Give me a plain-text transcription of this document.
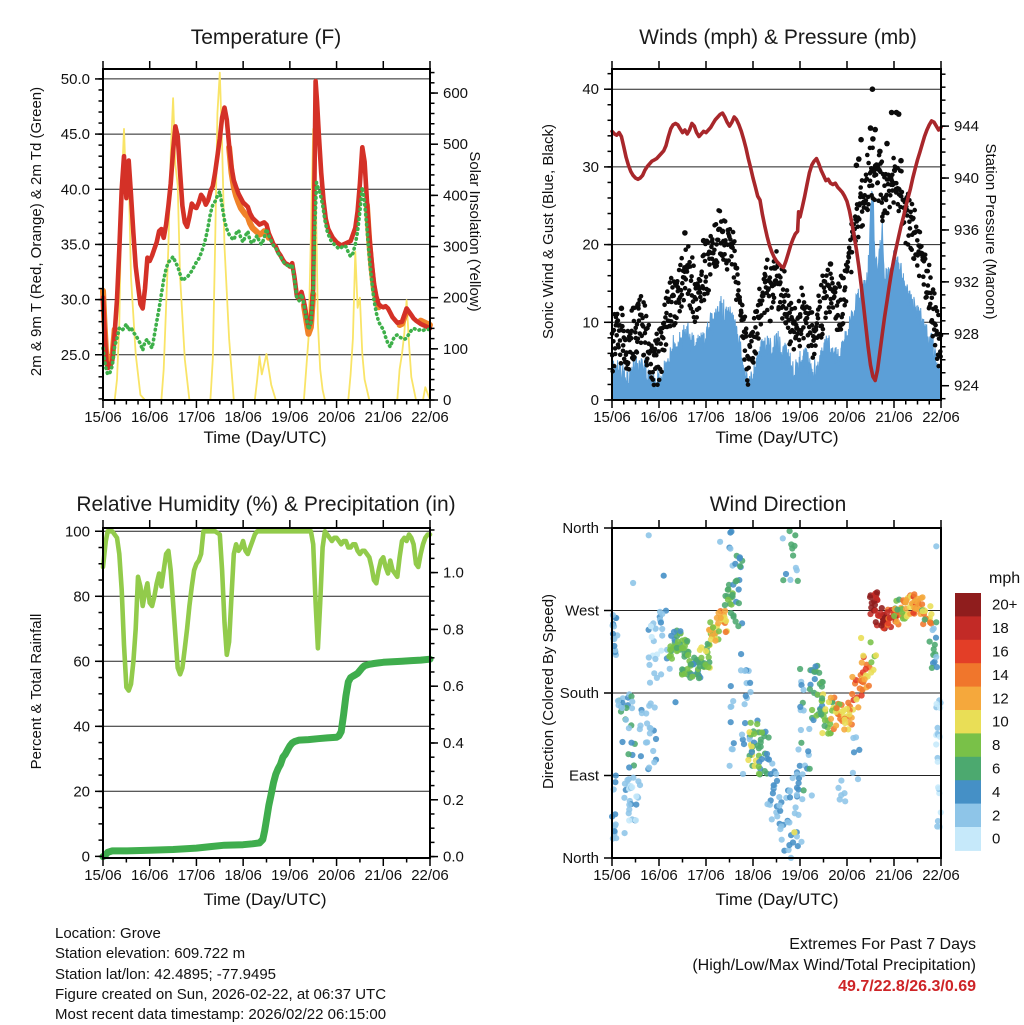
Temperature (F)
2m & 9m T (Red, Orange) & 2m Td (Green)	Solar Insolation (Yellow)
Time (Day/UTC)
15/06 16/06 17/06 18/06 19/06 20/06 21/06 22/06
25.0
30.0
35.0
40.0
45.0
50.0
0
100
200
300
400
500
600
Winds (mph) & Pressure (mb)
Sonic Wind & Gust (Blue, Black)	Station Pressure (Maroon)
Time (Day/UTC)
15/06 16/06 17/06 18/06 19/06 20/06 21/06 22/06
0
10
20
30
40
924
928
932
936
940
944
Relative Humidity (%) & Precipitation (in)
Percent & Total Rainfall
Time (Day/UTC)
15/06 16/06 17/06 18/06 19/06 20/06 21/06 22/06
0
20
40
60
80
100
0.0
0.2
0.4
0.6
0.8
1.0
Wind Direction
Direction (Colored By Speed)
Time (Day/UTC)
15/06 16/06 17/06 18/06 19/06 20/06 21/06 22/06
North
East
South
West
North
20+
18
16
14
12
10
8
6
4
2
0
mph
Location: Grove
Station elevation: 609.722 m
Station lat/lon: 42.4895; -77.9495
Figure created on Sun, 2026-02-22, at 06:37 UTC
Most recent data timestamp: 2026/02/22 06:15:00
Extremes For Past 7 Days
(High/Low/Max Wind/Total Precipitation)
49.7/22.8/26.3/0.69
